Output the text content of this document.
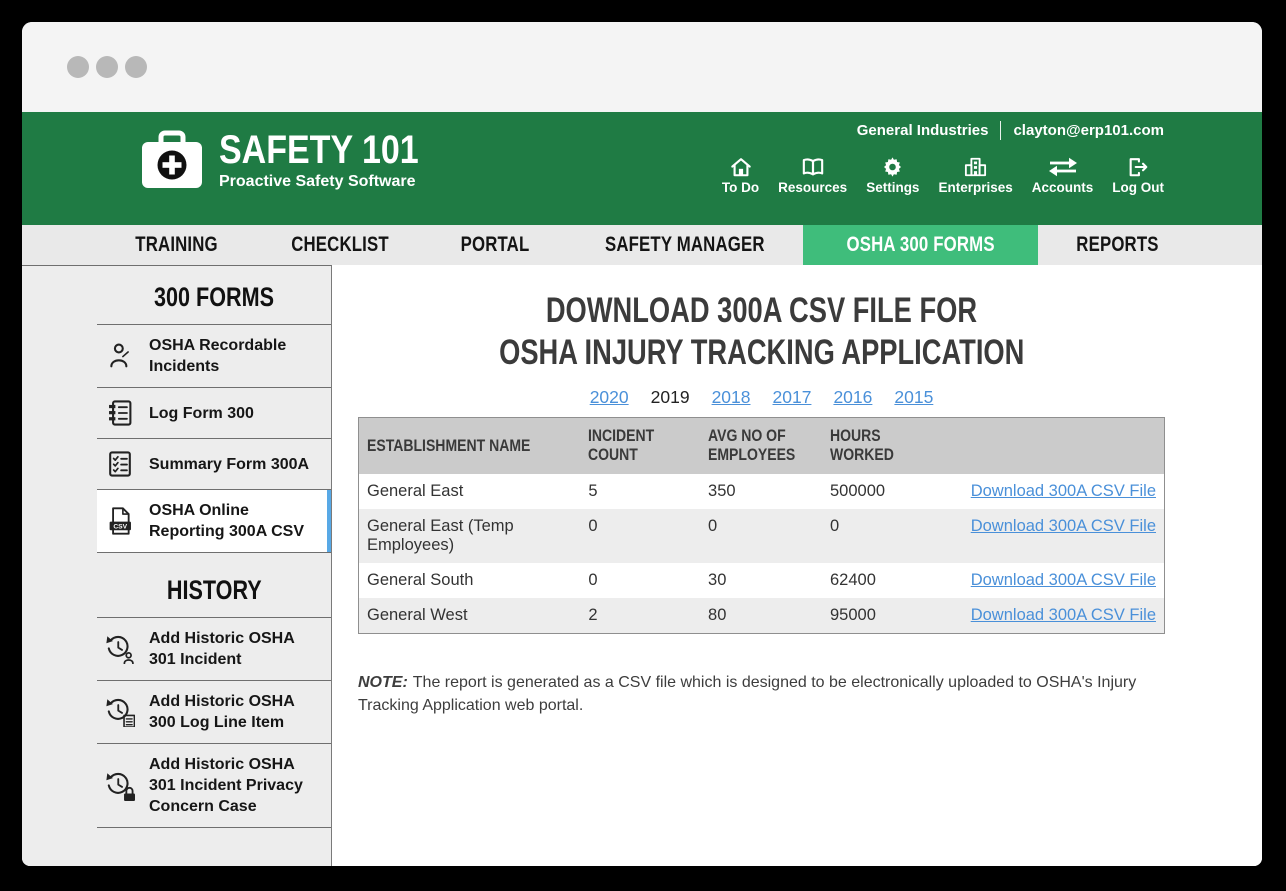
SAFETY 101
Proactive Safety Software
General Industries clayton@erp101.com
To Do Resources Settings Enterprises Accounts Log Out
TRAINING	CHECKLIST	PORTAL	SAFETY MANAGER	OSHA 300 FORMS	REPORTS
300 FORMS
OSHA Recordable Incidents
Log Form 300
Summary Form 300A
CSV
OSHA Online Reporting 300A CSV
HISTORY
Add Historic OSHA 301 Incident
Add Historic OSHA 300 Log Line Item
Add Historic OSHA 301 Incident Privacy Concern Case
DOWNLOAD 300A CSV FILE FOR
OSHA INJURY TRACKING APPLICATION
2020 2019 2018 2017 2016 2015
ESTABLISHMENT NAME	INCIDENT
COUNT	AVG NO OF
EMPLOYEES	HOURS
WORKED	

General East	5	350	500000	Download 300A CSV File
General East (Temp Employees)	0	0	0	Download 300A CSV File
General South	0	30	62400	Download 300A CSV File
General West	2	80	95000	Download 300A CSV File

NOTE: The report is generated as a CSV file which is designed to be electronically uploaded to OSHA's Injury Tracking Application web portal.
